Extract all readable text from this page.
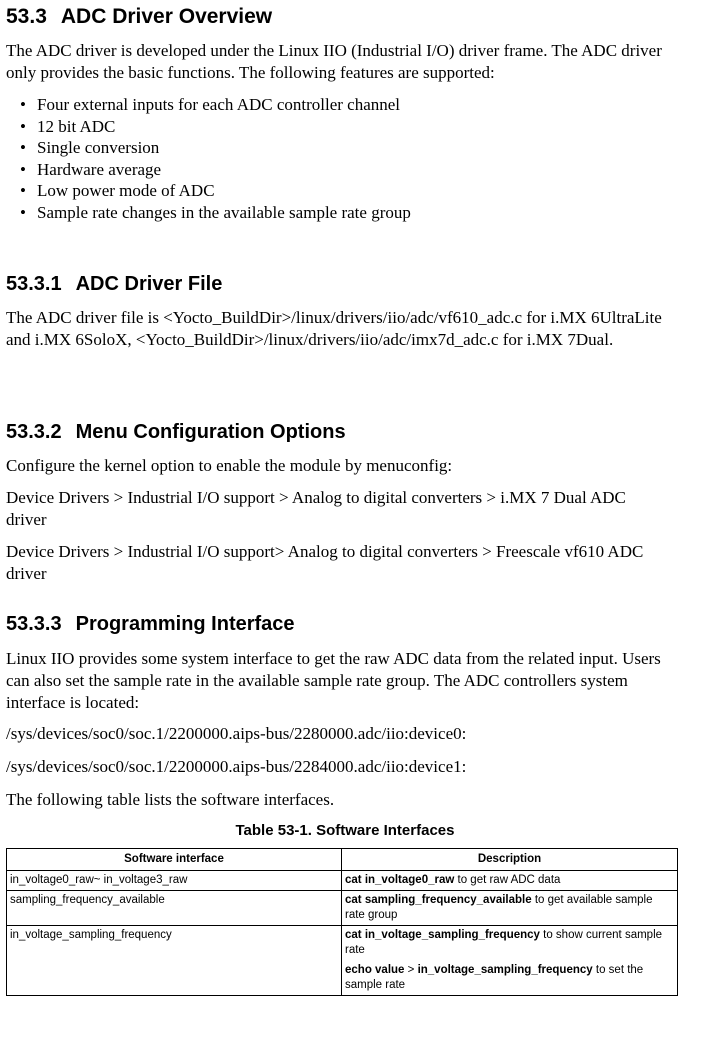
53.3 ADC Driver Overview

The ADC driver is developed under the Linux IIO (Industrial I/O) driver frame. The ADC driver only provides the basic functions. The following features are supported:

• Four external inputs for each ADC controller channel
• 12 bit ADC
• Single conversion
• Hardware average
• Low power mode of ADC
• Sample rate changes in the available sample rate group
53.3.1 ADC Driver File

The ADC driver file is <Yocto_BuildDir>/linux/drivers/iio/adc/vf610_adc.c for i.MX 6UltraLite and i.MX 6SoloX, <Yocto_BuildDir>/linux/drivers/iio/adc/imx7d_adc.c for i.MX 7Dual.

53.3.2 Menu Configuration Options

Configure the kernel option to enable the module by menuconfig:

Device Drivers > Industrial I/O support > Analog to digital converters > i.MX 7 Dual ADC driver

Device Drivers > Industrial I/O support> Analog to digital converters > Freescale vf610 ADC driver

53.3.3 Programming Interface

Linux IIO provides some system interface to get the raw ADC data from the related input. Users can also set the sample rate in the available sample rate group. The ADC controllers system interface is located:

/sys/devices/soc0/soc.1/2200000.aips-bus/2280000.adc/iio:device0:

/sys/devices/soc0/soc.1/2200000.aips-bus/2284000.adc/iio:device1:

The following table lists the software interfaces.

Table 53-1. Software Interfaces
Software interface	Description
in_voltage0_raw~ in_voltage3_raw	cat in_voltage0_raw to get raw ADC data

sampling_frequency_available	cat sampling_frequency_available to get available sample rate group

in_voltage_sampling_frequency	cat in_voltage_sampling_frequency to show current sample rate
echo value > in_voltage_sampling_frequency to set the sample rate
